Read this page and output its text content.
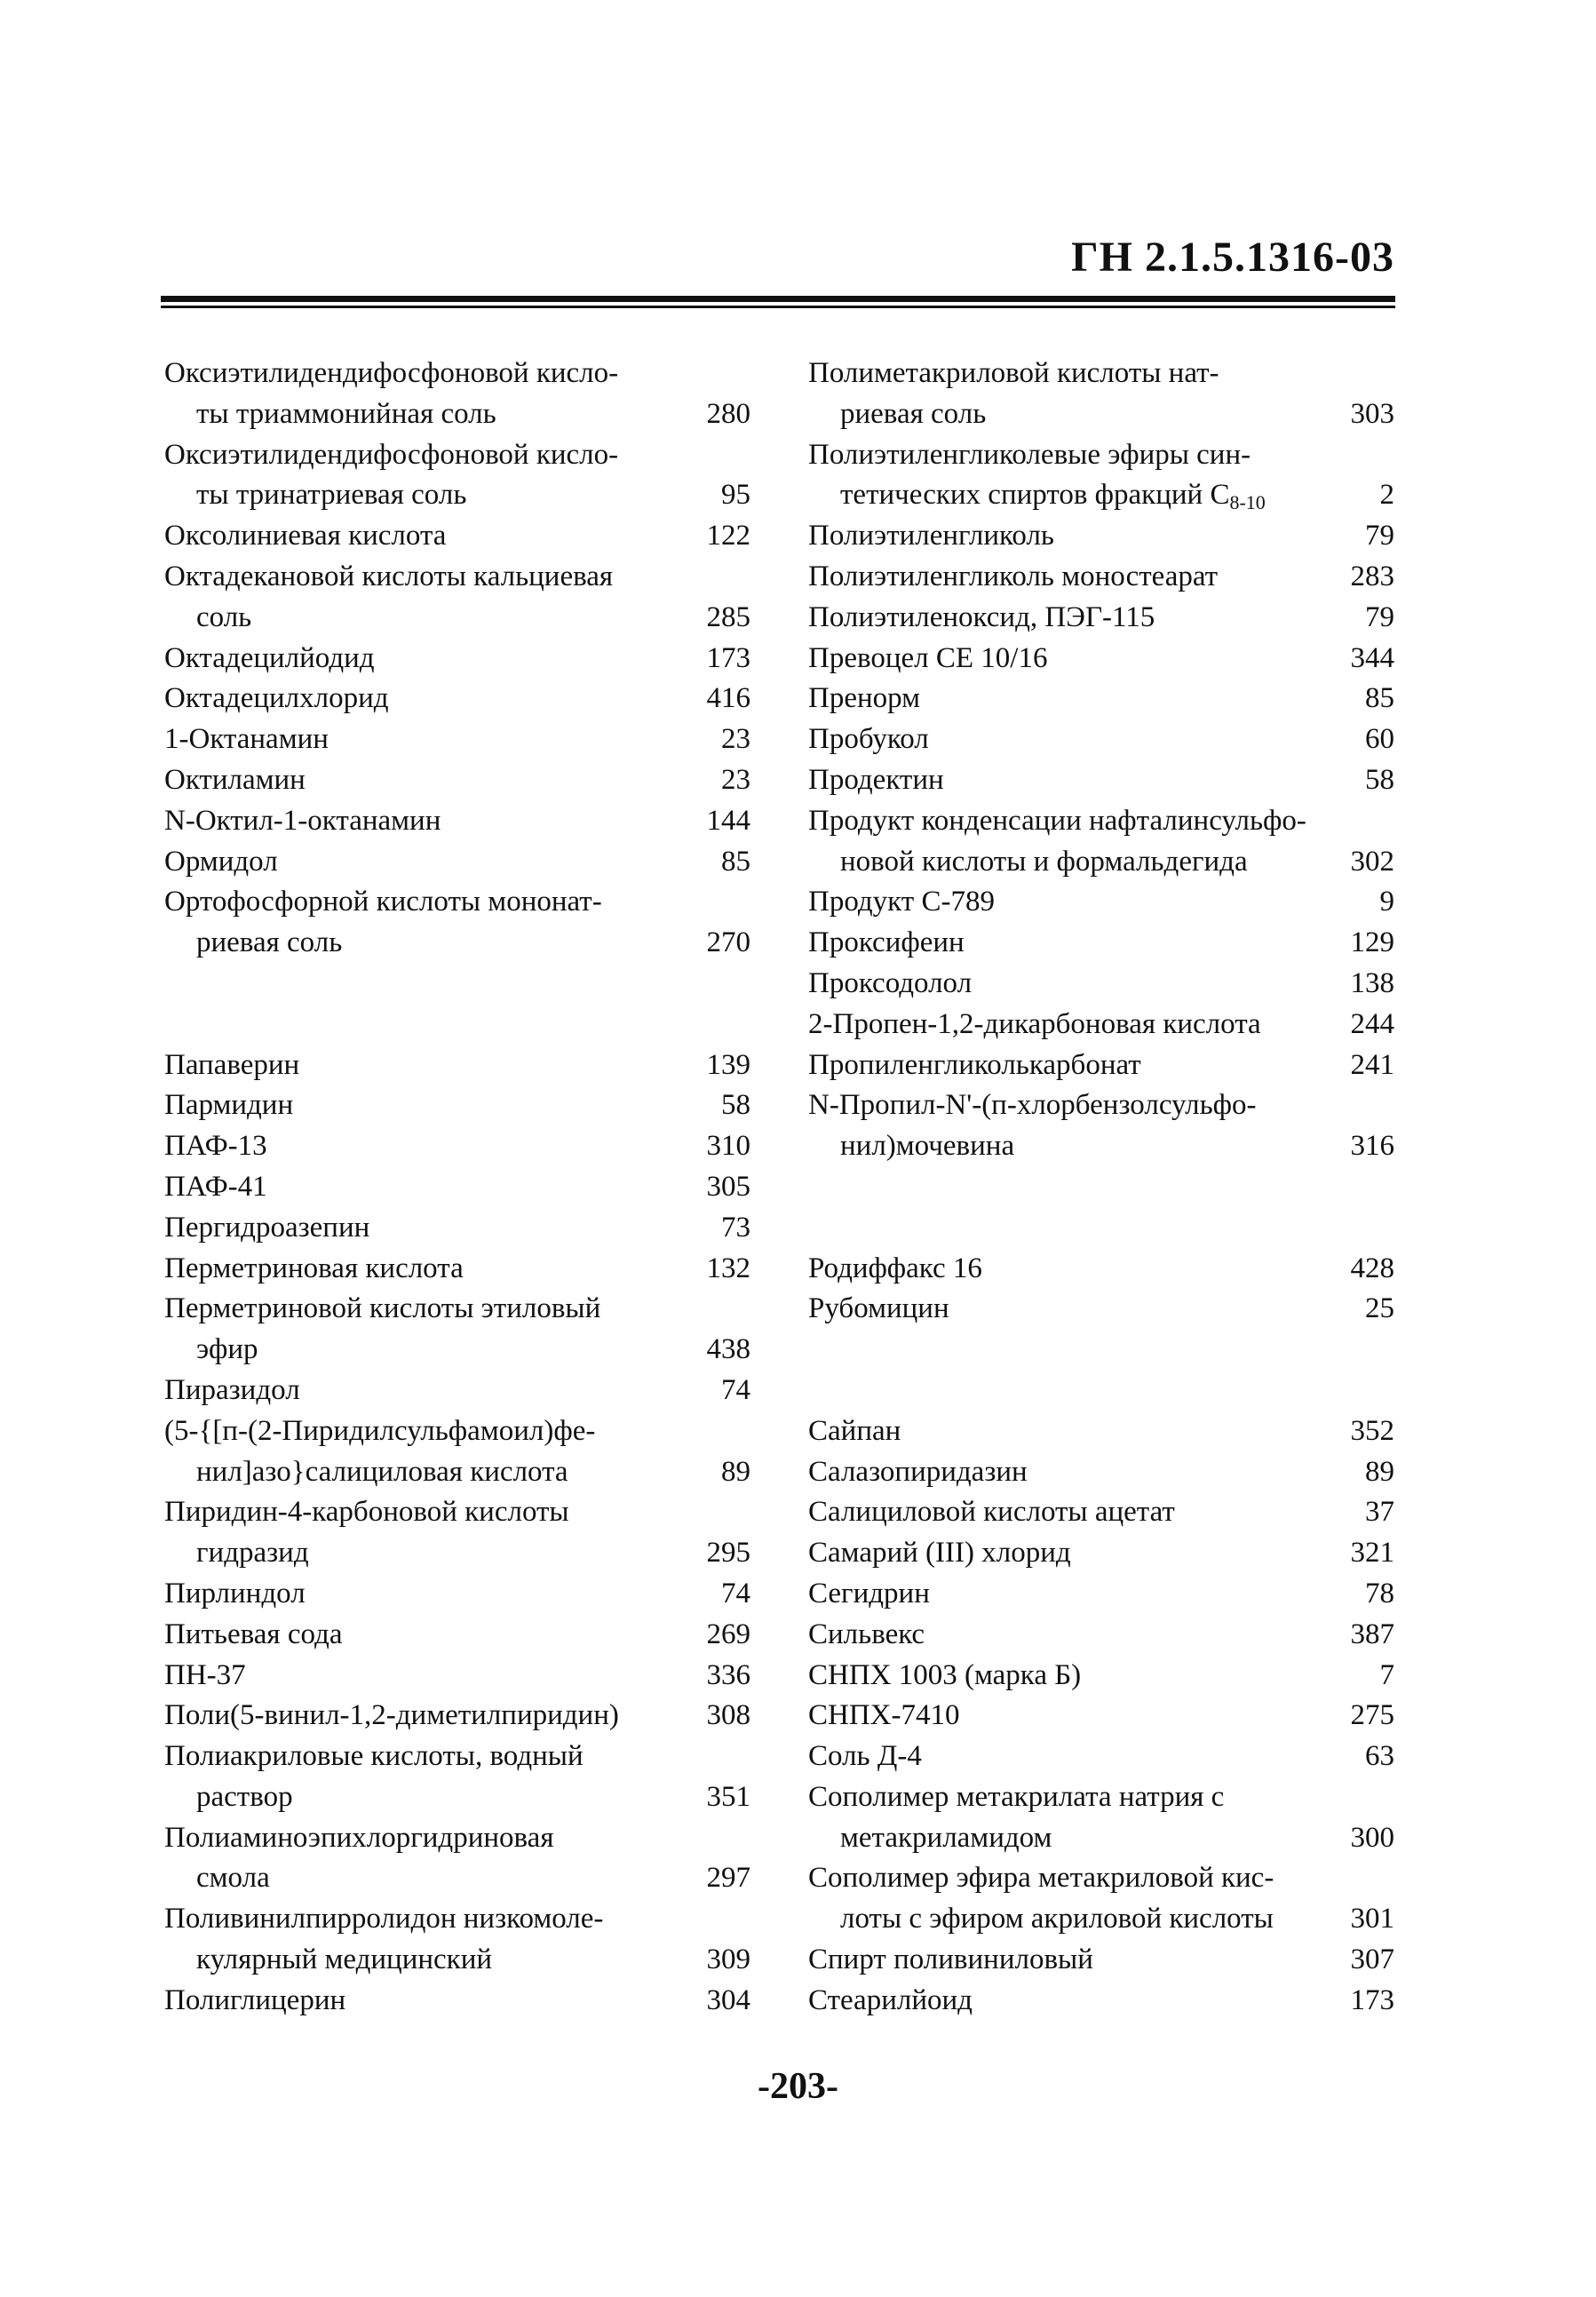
ГН 2.1.5.1316-03
Оксиэтилидендифосфоновой кисло-
ты триаммонийная соль	280
Оксиэтилидендифосфоновой кисло-
ты тринатриевая соль	95
Оксолиниевая кислота	122
Октадекановой кислоты кальциевая
соль	285
Октадецилйодид	173
Октадецилхлорид	416
1-Октанамин	23
Октиламин	23
N-Октил-1-октанамин	144
Ормидол	85
Ортофосфорной кислоты мононат-
риевая соль	270
Папаверин	139
Пармидин	58
ПАФ-13	310
ПАФ-41	305
Пергидроазепин	73
Перметриновая кислота	132
Перметриновой кислоты этиловый
эфир	438
Пиразидол	74
(5-{[п-(2-Пиридилсульфамоил)фе-
нил]азо}салициловая кислота	89
Пиридин-4-карбоновой кислоты
гидразид	295
Пирлиндол	74
Питьевая сода	269
ПН-37	336
Поли(5-винил-1,2-диметилпиридин)	308
Полиакриловые кислоты, водный
раствор	351
Полиаминоэпихлоргидриновая
смола	297
Поливинилпирролидон низкомоле-
кулярный медицинский	309
Полиглицерин	304
Полиметакриловой кислоты нат-
риевая соль	303
Полиэтиленгликолевые эфиры син-
тетических спиртов фракций $С_{8-10}$	2
Полиэтиленгликоль	79
Полиэтиленгликоль моностеарат	283
Полиэтиленоксид, ПЭГ-115	79
Превоцел СЕ 10/16	344
Пренорм	85
Пробукол	60
Продектин	58
Продукт конденсации нафталинсульфо-
новой кислоты и формальдегида	302
Продукт С-789	9
Проксифеин	129
Проксодолол	138
2-Пропен-1,2-дикарбоновая кислота	244
Пропиленгликолькарбонат	241
N-Пропил-N'-(п-хлорбензолсульфо-
нил)мочевина	316
Родиффакс 16	428
Рубомицин	25
Сайпан	352
Салазопиридазин	89
Салициловой кислоты ацетат	37
Самарий (III) хлорид	321
Сегидрин	78
Сильвекс	387
СНПХ 1003 (марка Б)	7
СНПХ-7410	275
Соль Д-4	63
Сополимер метакрилата натрия с
метакриламидом	300
Сополимер эфира метакриловой кис-
лоты с эфиром акриловой кислоты	301
Спирт поливиниловый	307
Стеарилйоид	173
-203-
